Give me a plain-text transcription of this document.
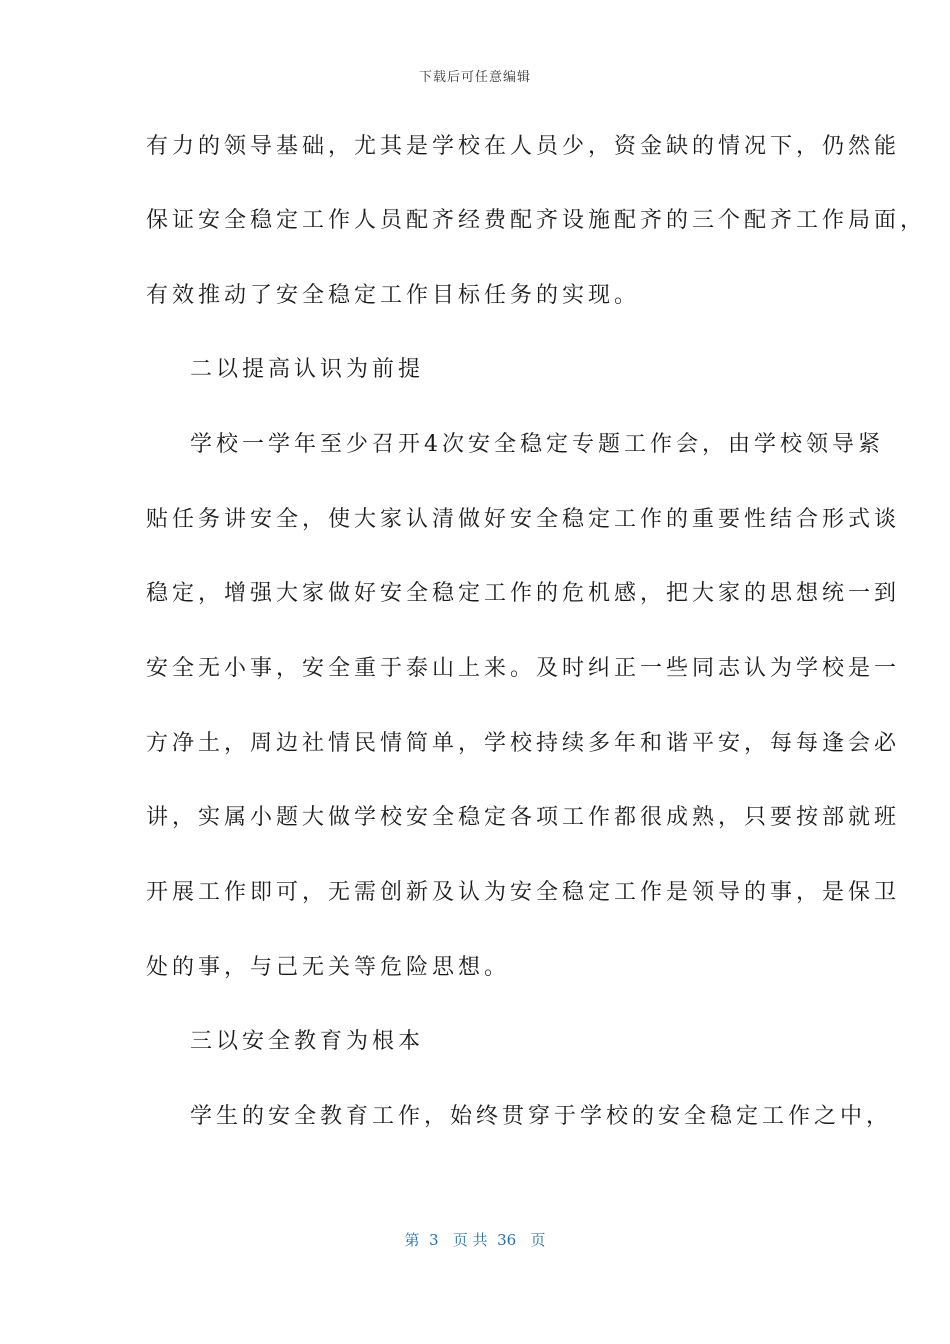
下载后可任意编辑
有力的领导基础，尤其是学校在人员少，资金缺的情况下，仍然能
保证安全稳定工作人员配齐经费配齐设施配齐的三个配齐工作局面，
有效推动了安全稳定工作目标任务的实现。
二以提高认识为前提
学校一学年至少召开4次安全稳定专题工作会，由学校领导紧
贴任务讲安全，使大家认清做好安全稳定工作的重要性结合形式谈
稳定，增强大家做好安全稳定工作的危机感，把大家的思想统一到
安全无小事，安全重于泰山上来。及时纠正一些同志认为学校是一
方净土，周边社情民情简单，学校持续多年和谐平安，每每逢会必
讲，实属小题大做学校安全稳定各项工作都很成熟，只要按部就班
开展工作即可，无需创新及认为安全稳定工作是领导的事，是保卫
处的事，与己无关等危险思想。
三以安全教育为根本
学生的安全教育工作，始终贯穿于学校的安全稳定工作之中，
第  3   页 共  36   页
